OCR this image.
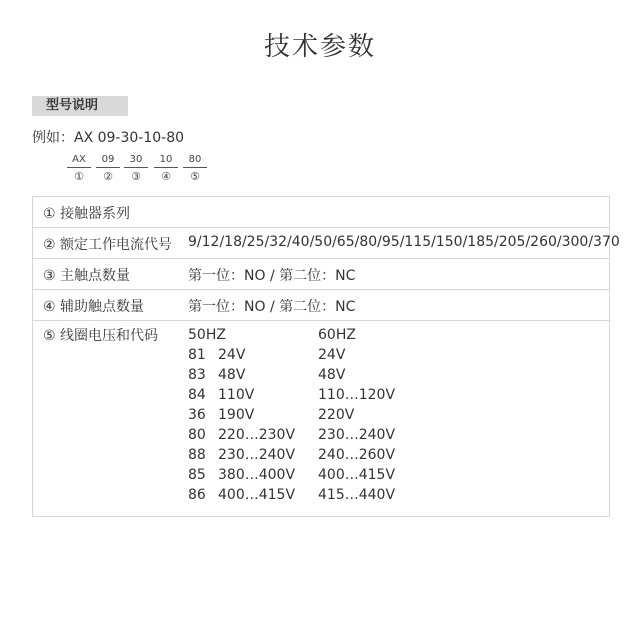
技术参数
型号说明
例如：AX 09-30-10-80
AX
①
09
②
30
③
10
④
80
⑤
① 接触器系列
② 额定工作电流代号 9/12/18/25/32/40/50/65/80/95/115/150/185/205/260/300/370
③ 主触点数量	第一位：NO / 第二位：NC
④ 辅助触点数量	第一位：NO / 第二位：NC
⑤ 线圈电压和代码 50HZ	60HZ
81 24V	24V
83 48V	48V
84 110V	110…120V
36 190V	220V
80 220…230V 230…240V
88 230…240V 240…260V
85 380…400V 400…415V
86 400…415V 415…440V
